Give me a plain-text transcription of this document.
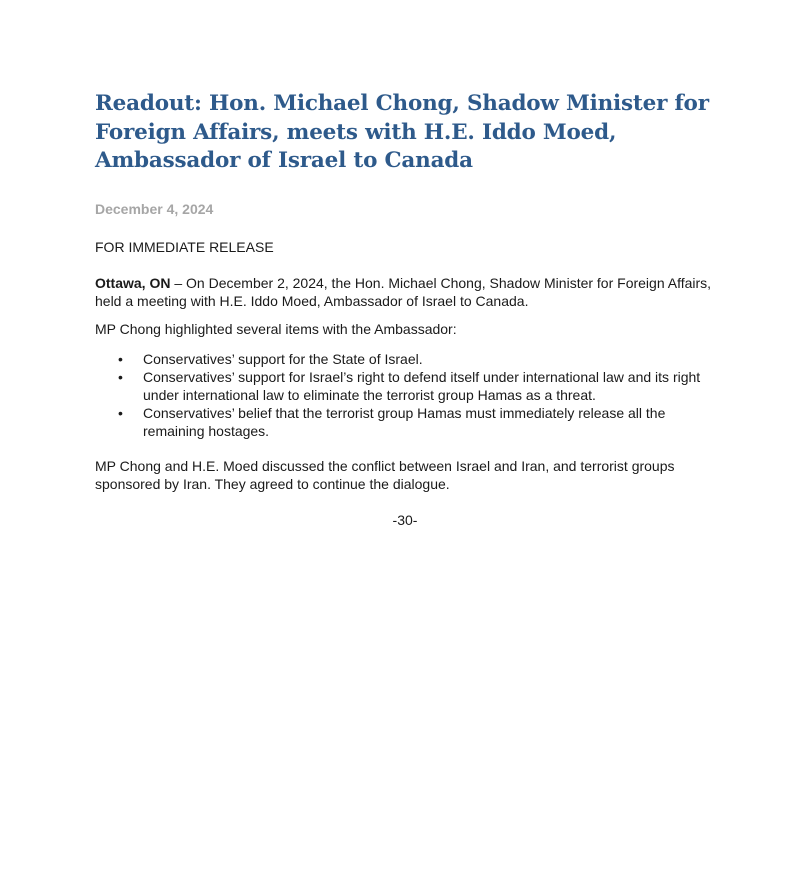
Readout: Hon. Michael Chong, Shadow Minister for Foreign Affairs, meets with H.E. Iddo Moed, Ambassador of Israel to Canada
December 4, 2024
FOR IMMEDIATE RELEASE

Ottawa, ON – On December 2, 2024, the Hon. Michael Chong, Shadow Minister for Foreign Affairs, held a meeting with H.E. Iddo Moed, Ambassador of Israel to Canada.

MP Chong highlighted several items with the Ambassador:

• Conservatives’ support for the State of Israel.
• Conservatives’ support for Israel’s right to defend itself under international law and its right under international law to eliminate the terrorist group Hamas as a threat.
• Conservatives’ belief that the terrorist group Hamas must immediately release all the remaining hostages.

MP Chong and H.E. Moed discussed the conflict between Israel and Iran, and terrorist groups sponsored by Iran. They agreed to continue the dialogue.

-30-
